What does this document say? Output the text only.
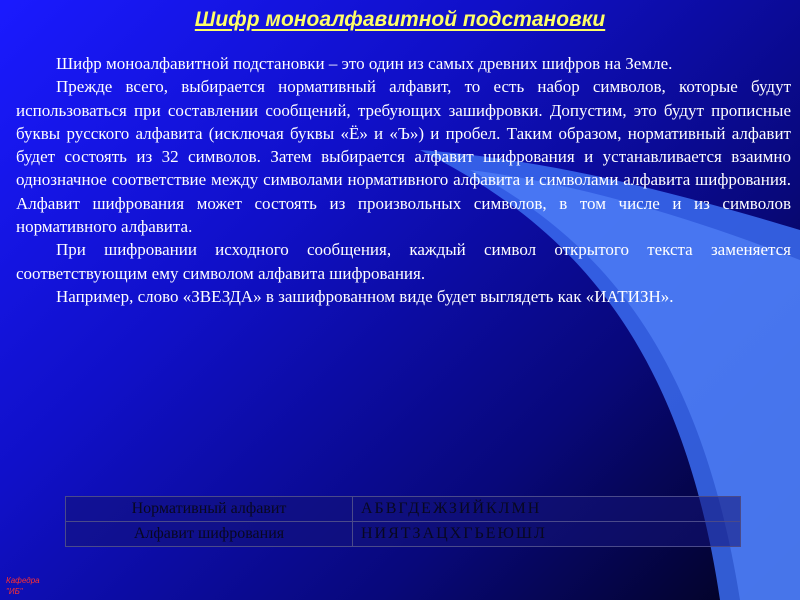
Шифр моноалфавитной подстановки

Шифр моноалфавитной подстановки – это один из самых древних шифров на Земле.

Прежде всего, выбирается нормативный алфавит, то есть набор символов, которые будут использоваться при составлении сообщений, требующих зашифровки. Допустим, это будут прописные буквы русского алфавита (исключая буквы «Ё» и «Ъ») и пробел. Таким образом, нормативный алфавит будет состоять из 32 символов. Затем выбирается алфавит шифрования и устанавливается взаимно однозначное соответствие между символами нормативного алфавита и символами алфавита шифрования. Алфавит шифрования может состоять из произвольных символов, в том числе и из символов нормативного алфавита.

При шифровании исходного сообщения, каждый символ открытого текста заменяется соответствующим ему символом алфавита шифрования.

Например, слово «ЗВЕЗДА» в зашифрованном виде будет выглядеть как «ИАТИЗН».

Нормативный алфавит	АБВГДЕЖЗИЙКЛМН
Алфавит шифрования	НИЯТЗАЦХГЬЕЮШЛ
Кафедра
"ИБ"
